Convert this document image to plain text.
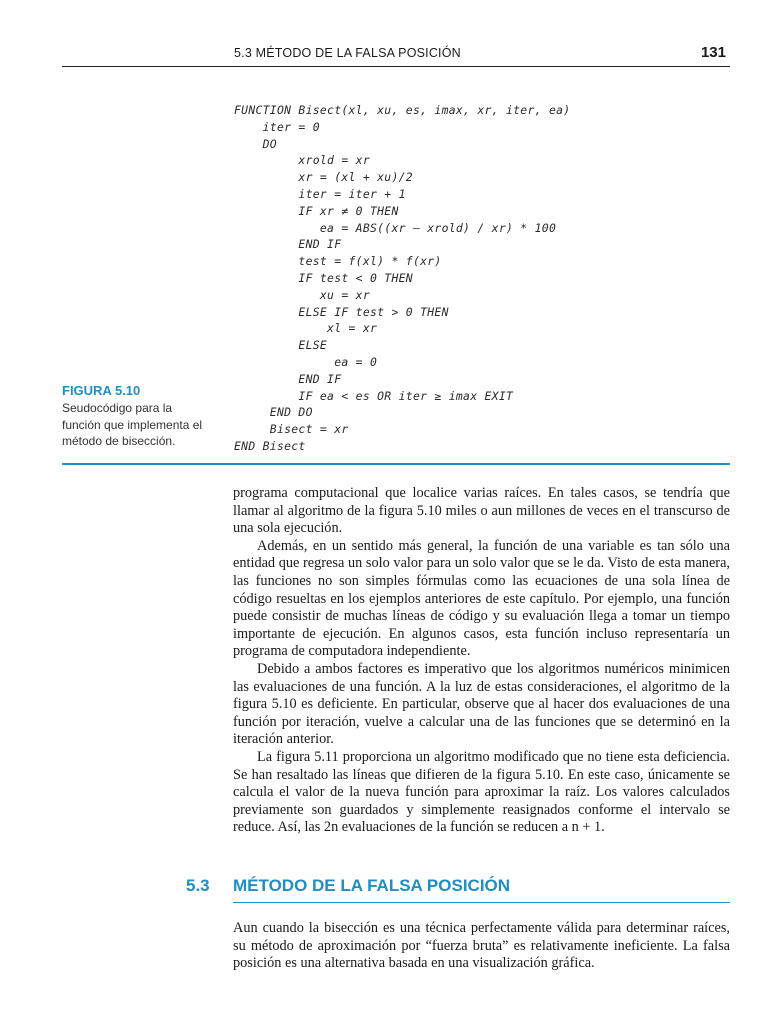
5.3 MÉTODO DE LA FALSA POSICIÓN	131
FUNCTION Bisect(xl, xu, es, imax, xr, iter, ea)
iter = 0
DO
xrold = xr
xr = (xl + xu)/2
iter = iter + 1
IF xr ≠ 0 THEN
ea = ABS((xr – xrold) / xr) * 100
END IF
test = f(xl) * f(xr)
IF test < 0 THEN
xu = xr
ELSE IF test > 0 THEN
xl = xr
ELSE
ea = 0
END IF
IF ea < es OR iter ≥ imax EXIT
END DO
Bisect = xr
END Bisect
FIGURA 5.10
Seudocódigo para la función que implementa el método de bisección.

programa computacional que localice varias raíces. En tales casos, se tendría que llamar al algoritmo de la figura 5.10 miles o aun millones de veces en el transcurso de una sola ejecución.

Además, en un sentido más general, la función de una variable es tan sólo una entidad que regresa un solo valor para un solo valor que se le da. Visto de esta manera, las funciones no son simples fórmulas como las ecuaciones de una sola línea de código resueltas en los ejemplos anteriores de este capítulo. Por ejemplo, una función puede consistir de muchas líneas de código y su evaluación llega a tomar un tiempo importante de ejecución. En algunos casos, esta función incluso representaría un programa de computadora independiente.

Debido a ambos factores es imperativo que los algoritmos numéricos minimicen las evaluaciones de una función. A la luz de estas consideraciones, el algoritmo de la figura 5.10 es deficiente. En particular, observe que al hacer dos evaluaciones de una función por iteración, vuelve a calcular una de las funciones que se determinó en la iteración anterior.

La figura 5.11 proporciona un algoritmo modificado que no tiene esta deficiencia. Se han resaltado las líneas que difieren de la figura 5.10. En este caso, únicamente se calcula el valor de la nueva función para aproximar la raíz. Los valores calculados previamente son guardados y simplemente reasignados conforme el intervalo se reduce. Así, las 2n evaluaciones de la función se reducen a n + 1.

5.3 MÉTODO DE LA FALSA POSICIÓN

Aun cuando la bisección es una técnica perfectamente válida para determinar raíces, su método de aproximación por “fuerza bruta” es relativamente ineficiente. La falsa posición es una alternativa basada en una visualización gráfica.
